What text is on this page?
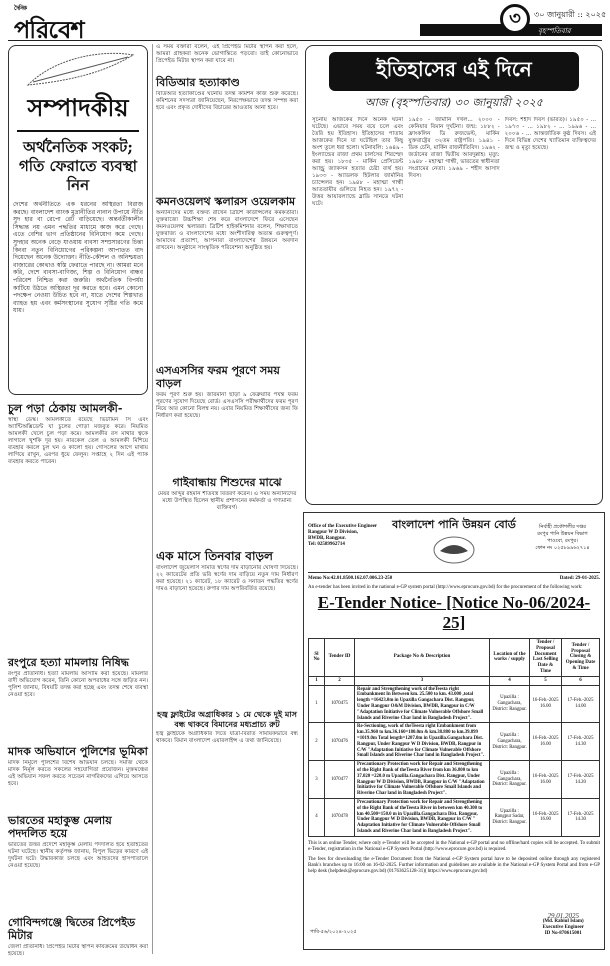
দৈনিক
পরিবেশ	৩	৩০ জানুয়ারী :: ২০২৫
বৃহস্পতিবার
সম্পাদকীয়
অর্থনৈতিক সংকট; গতি ফেরাতে ব্যবস্থা নিন
দেশের অর্থনীতিতে এক ধরনের অস্থিরতা বিরাজ করছে। বাংলাদেশ ব্যাংক মুদ্রানীতির নানান উপায়ে নীতি সুদ হার বা রেপো রেট বাড়িয়েছে। অন্তর্বর্তীকালীন সিদ্ধান্ত নয় এমন পদ্ধতির মাধ্যমে কাজ করে গেছে। এতে বেশির ভাগ প্রতিষ্ঠানের বিনিয়োগ কমে গেছে। সুদহার অনেক বেড়ে যাওয়ায় ব্যবসা সম্প্রসারণের চিন্তা কিংবা নতুন বিনিয়োগের পরিকল্পনা আপাতত বাদ দিয়েছেন অনেক উদ্যোক্তা। নীতি-কৌশল ও অনিশ্চয়তা বাজারের কোথাও স্বস্তি ফেরাতে পারছে না। আমরা মনে করি, দেশে ব্যবসা-বাণিজ্য, শিল্প ও বিনিয়োগ বান্ধব পরিবেশ নিশ্চিত করা জরুরি। অর্থনৈতিক বিপর্যয় কাটিয়ে উঠতে অস্থিরতা দূর করতে হবে। এমন কোনো পদক্ষেপ নেওয়া উচিত হবে না, যাতে দেশের শিল্পখাত ব্যাহত হয় এবং কর্মসংস্থানের সুযোগ সৃষ্টির গতি কমে যায়।
চুল পড়া ঠেকায় আমলকী-
স্বাস্থ্য ডেস্ক। আমলকীতে রয়েছে ভিটামিন সি এবং অ্যান্টিঅক্সিডেন্ট যা চুলের গোড়া মজবুত করে। নিয়মিত আমলকী খেলে চুল পড়া কমে। আমলকীর রস মাথার ত্বকে লাগালে খুশকি দূর হয়। নারকেল তেল ও আমলকী মিশিয়ে ব্যবহার করলে চুল ঘন ও কালো হয়। গোসলের আগে মাথায় লাগিয়ে রাখুন, এরপর ধুয়ে ফেলুন। সপ্তাহে ২ দিন এই প্যাক ব্যবহার করতে পারেন।
রংপুরে হত্যা মামলায় নিষিদ্ধ
রংপুর প্রতিনিধি। হত্যা মামলায় আসামি করা হয়েছে। মামলার বাদী অভিযোগ করেন, তিনি কোনো অপরাধের সঙ্গে জড়িত নন। পুলিশ জানায়, বিষয়টি তদন্ত করা হচ্ছে এবং তদন্ত শেষে ব্যবস্থা নেওয়া হবে।
মাদক অভিযানে পুলিশের ভূমিকা
মাদক নির্মূলে পুলিশের বিশেষ অভিযান চলছে। সমাজ থেকে মাদক নির্মূল করতে সকলের সহযোগিতা প্রয়োজন। মুক্তমঞ্চের এই অভিযান সফল করতে সচেতন নাগরিকদের এগিয়ে আসতে হবে।
ভারতের মহাকুম্ভ মেলায় পদদলিত হয়ে
ভারতের উত্তর প্রদেশে মহাকুম্ভ মেলায় পদদলিত হয়ে হতাহতের ঘটনা ঘটেছে। স্থানীয় কর্তৃপক্ষ জানায়, বিপুল ভিড়ের কারণে এই দুর্ঘটনা ঘটে। উদ্ধারকাজ চলছে এবং আহতদের হাসপাতালে নেওয়া হয়েছে।
গোবিন্দগঞ্জে দ্বিতের প্রিপেইড মিটার
জেলা প্রতিনিধি। প্রিপেইড মিটার স্থাপন কার্যক্রমের উদ্বোধন করা হয়েছে।
এ সময় বক্তারা বলেন, এই প্রিপেইড মিটার স্থাপন করা হলে, আমরা গ্রাহকরা অনেক ভোগান্তিতে পড়বো। তাই কোনোভাবে প্রিপেইড মিটার স্থাপন করা যাবে না।
বিডিআর হত্যাকাণ্ড
বিডিআর হত্যাকাণ্ডের ঘটনায় তদন্ত কমিশন কাজ শুরু করেছে। কমিশনের সদস্যরা জানিয়েছেন, নিরপেক্ষভাবে তদন্ত সম্পন্ন করা হবে এবং প্রকৃত দোষীদের বিচারের আওতায় আনা হবে।
কমনওয়েলথ স্কলারস ওয়েলকাম
অন্যান্যদের মধ্যে বক্তব্য রাখেন ব্রিটিশ কাউন্সিলের কর্মকর্তারা। যুক্তরাজ্যে উচ্চশিক্ষা শেষ করে বাংলাদেশে ফিরে এসেছেন কমনওয়েলথ স্কলাররা। ব্রিটিশ হাইকমিশনার বলেন, শিক্ষাখাতে যুক্তরাজ্য ও বাংলাদেশের মধ্যে অংশীদারিত্ব অত্যন্ত গুরুত্বপূর্ণ। আমাদের প্রত্যাশা, আপনারা বাংলাদেশের উন্নয়নে অবদান রাখবেন। অনুষ্ঠানে সাংস্কৃতিক পরিবেশনা অনুষ্ঠিত হয়।
এসএসসির ফরম পূরণে সময় বাড়ল
ফরম পূরণ শুরু হয়। জরিমানা ছাড়া ৯ ফেব্রুয়ারি পর্যন্ত ফরম পূরণের সুযোগ দিয়েছে বোর্ড। এসএসসি পরীক্ষার্থীদের ফরম পূরণ নিয়ে আর কোনো বিলম্ব নয়। এবার নিয়মিত শিক্ষার্থীদের জন্য ফি নির্ধারণ করা হয়েছে।
গাইবান্ধায় শিশুদের মাঝে
মেয়র আব্দুর রহমান শীতবস্ত্র বিতরণ করেন। এ সময় অন্যান্যদের মধ্যে উপস্থিত ছিলেন স্থানীয় প্রশাসনের কর্মকর্তা ও গণ্যমান্য ব্যক্তিবর্গ।
এক মাসে তিনবার বাড়ল
বাংলাদেশ জুয়েলার্স সমিতি স্বর্ণের দাম বাড়ানোর ঘোষণা দিয়েছে। ২২ ক্যারেটের প্রতি ভরি স্বর্ণের দাম বাড়িয়ে নতুন দাম নির্ধারণ করা হয়েছে। ২১ ক্যারেট, ১৮ ক্যারেট ও সনাতন পদ্ধতির স্বর্ণের দামও বাড়ানো হয়েছে। রুপার দাম অপরিবর্তিত রয়েছে।
হজ্ব ফ্লাইটের অগ্রাধিকার ১ মে থেকে দুই মাস বন্ধ থাকবে বিমানের মধ্যপ্রাচ্য রুট
হজ্ব ফ্লাইটকে অগ্রাধিকার দিতে যাত্রা-বিরতি সাময়িকভাবে বন্ধ থাকবে। বিমান বাংলাদেশ এয়ারলাইন্স এ তথ্য জানিয়েছে।
ইতিহাসের এই দিনে
আজ (বৃহস্পতিবার) ৩০ জানুয়ারী ২০২৫
সূচনায় আজকের দিনে অনেক ঘটনা ঘটেছে। এভাবে সময় বয়ে চলে এবং তৈরি হয় ইতিহাস। ইতিহাসের পাতায় আজকের দিনে যা ঘটেছিল তার কিছু অংশ তুলে ধরা হলো। ঘটনাবলি: ১৬৪৯ - ইংল্যান্ডের রাজা প্রথম চার্লসের শিরশ্ছেদ করা হয়। ১৮৩৫ - মার্কিন প্রেসিডেন্ট অ্যান্ড্রু জ্যাকসন হত্যার চেষ্টা ব্যর্থ হয়। ১৯৩৩ - অ্যাডলফ হিটলার জার্মানির চ্যান্সেলর হন। ১৯৪৮ - মহাত্মা গান্ধী আততায়ীর গুলিতে নিহত হন। ১৯৭২ - উত্তর আয়ারল্যান্ডে ব্লাডি সানডে ঘটনা ঘটে।
১৯৫০ - জার্মানি দখল... ২০০০ - কেনিয়ার বিমান দুর্ঘটনা। জন্ম: ১৮৮২ - ফ্রাংকলিন ডি রুজভেল্ট, মার্কিন যুক্তরাষ্ট্রের ৩২তম রাষ্ট্রপতি। ১৯৪১ - ডিক চেনি, মার্কিন রাজনীতিবিদ। ১৯৬২ - জর্ডানের রাজা দ্বিতীয় আবদুল্লাহ। মৃত্যু: ১৯৪৮ - মহাত্মা গান্ধী, ভারতের স্বাধীনতা সংগ্রামের নেতা। ১৯৬৯ - শহীদ আসাদ দিবস।
দিবস: শহীদ দিবস (ভারত)। ১৯৫০ - ... ১৯৭৩ - ... ১৯৮২ - ... ১৯৯৬ - ... ২০০৬ - ... আন্তর্জাতিক কুষ্ঠ দিবস। এই দিনে বিভিন্ন দেশের খ্যাতিমান ব্যক্তিত্বদের জন্ম ও মৃত্যু হয়েছে।
Office of the Executive Engineer
Rangpur W D Division,
BWDB, Rangpur.
Tel: 02589962714
বাংলাদেশ পানি উন্নয়ন বোর্ড	নির্বাহী প্রকৌশলীর দপ্তর
রংপুর পানি উন্নয়ন বিভাগ
পাওবো, রংপুর।
ফোন নং ০২৫৮৯৯৬২৭১৪
Memo No:42.01.8500.162.07.006.23-250	Dated: 29-01-2025.
An e-tender has been invited in the national e-GP system portal (http://www.eprocure.gov.bd) for the procurement of the following work:
E-Tender Notice- [Notice No-06/2024-25]
Sl No	Tender ID	Package No & Description	Location of the works / supply	Tender / Proposal Document Last Selling Date & Time	Tender / Proposal Closing & Opening Date & Time
1	2	3	4	5	6
1	1070475	Repair and Strengthening work of theTeesta right Embankment In Between km. 25.500 to km. 43.000 ,total length =16423.0m in Upazilla Gangachara Dist. Rangpur, Under Rangpur O&M Division, BWDB, Rangpur in C/W "Adaptation Initiative for Climate Vulnerable Offshore Small Islands and Riverine Char land in Bangladesh Project".	Upazilla : Gangachara, District: Rangpur.	16-Feb.-2025 16.00	17-Feb.-2025 14.00
2	1070476	Re-Sectioning, work of theTeesta right Embankment from km.35.960 to km.36.160=180.0m & km.38.880 to km.39.899 =1019.0m Total length=1207.0m in Upazilla.Gangachara Dist. Rangpur, Under Rangpur W D Division, BWDB, Rangpur in C/W "Adaptation Initiative for Climate Vulnerable Offshore Small Islands and Riverine Char land in Bangladesh Project".	Upazilla : Gangachara, District: Rangpur.	16-Feb.-2025 16.00	17-Feb.-2025 14.30
3	1070477	Precautionary Protection work for Repair and Strengthening of the Right Bank of theTeesta River from km 36.800 to km 37.020 =220.0 m Upazilla.Gangachara Dist. Rangpur, Under Rangpur W D Division, BWDB, Rangpur in C/W "Adaptation Initiative for Climate Vulnerable Offshore Small Islands and Riverine Char land in Bangladesh Project".	Upazilla : Gangachara, District: Rangpur.	16-Feb.-2025 16.00	17-Feb.-2025 14.20
4	1070478	Precautionary Protection work for Repair and Strengthening of the Right Bank of theTeesta River in between km 40.300 to km 40.500=150.0 m in Upazilla.Gangachara Dist. Rangpur, Under Rangpur W D Division, BWDB, Rangpur in C/W " Adaptation Initiative for Climate Vulnerable Offshore Small Islands and Riverine Char land in Bangladesh Project".	Upazilla : Rangpur Sadar, District: Rangpur.	16-Feb.-2025 16.00	17-Feb.-2025 14.30
This is an online Tender, where only e-Tender will be accepted in the National e-GP portal and no offline/hard copies will be accepted. To submit e-Tender, registration in the National e-GP System Portal (http://www.eprocure.gov.bd) is required.
The fees for downloading the e-Tender Document from the National e-GP System portal have to be deposited online through any registered Bank's branches up to 16:00 on 16-02-2025. Further information and guidelines are available in the National e-GP System Portal and from e-GP help desk (helpdesk@eprocure.gov.bd) (01763625128-31)( https://www.eprocure.gov.bd)
29.01.2025
(Md. Rabiul Islam)
Executive Engineer
ID No-870615001
পাবি-৫৬/২০২৪-২০২৫
